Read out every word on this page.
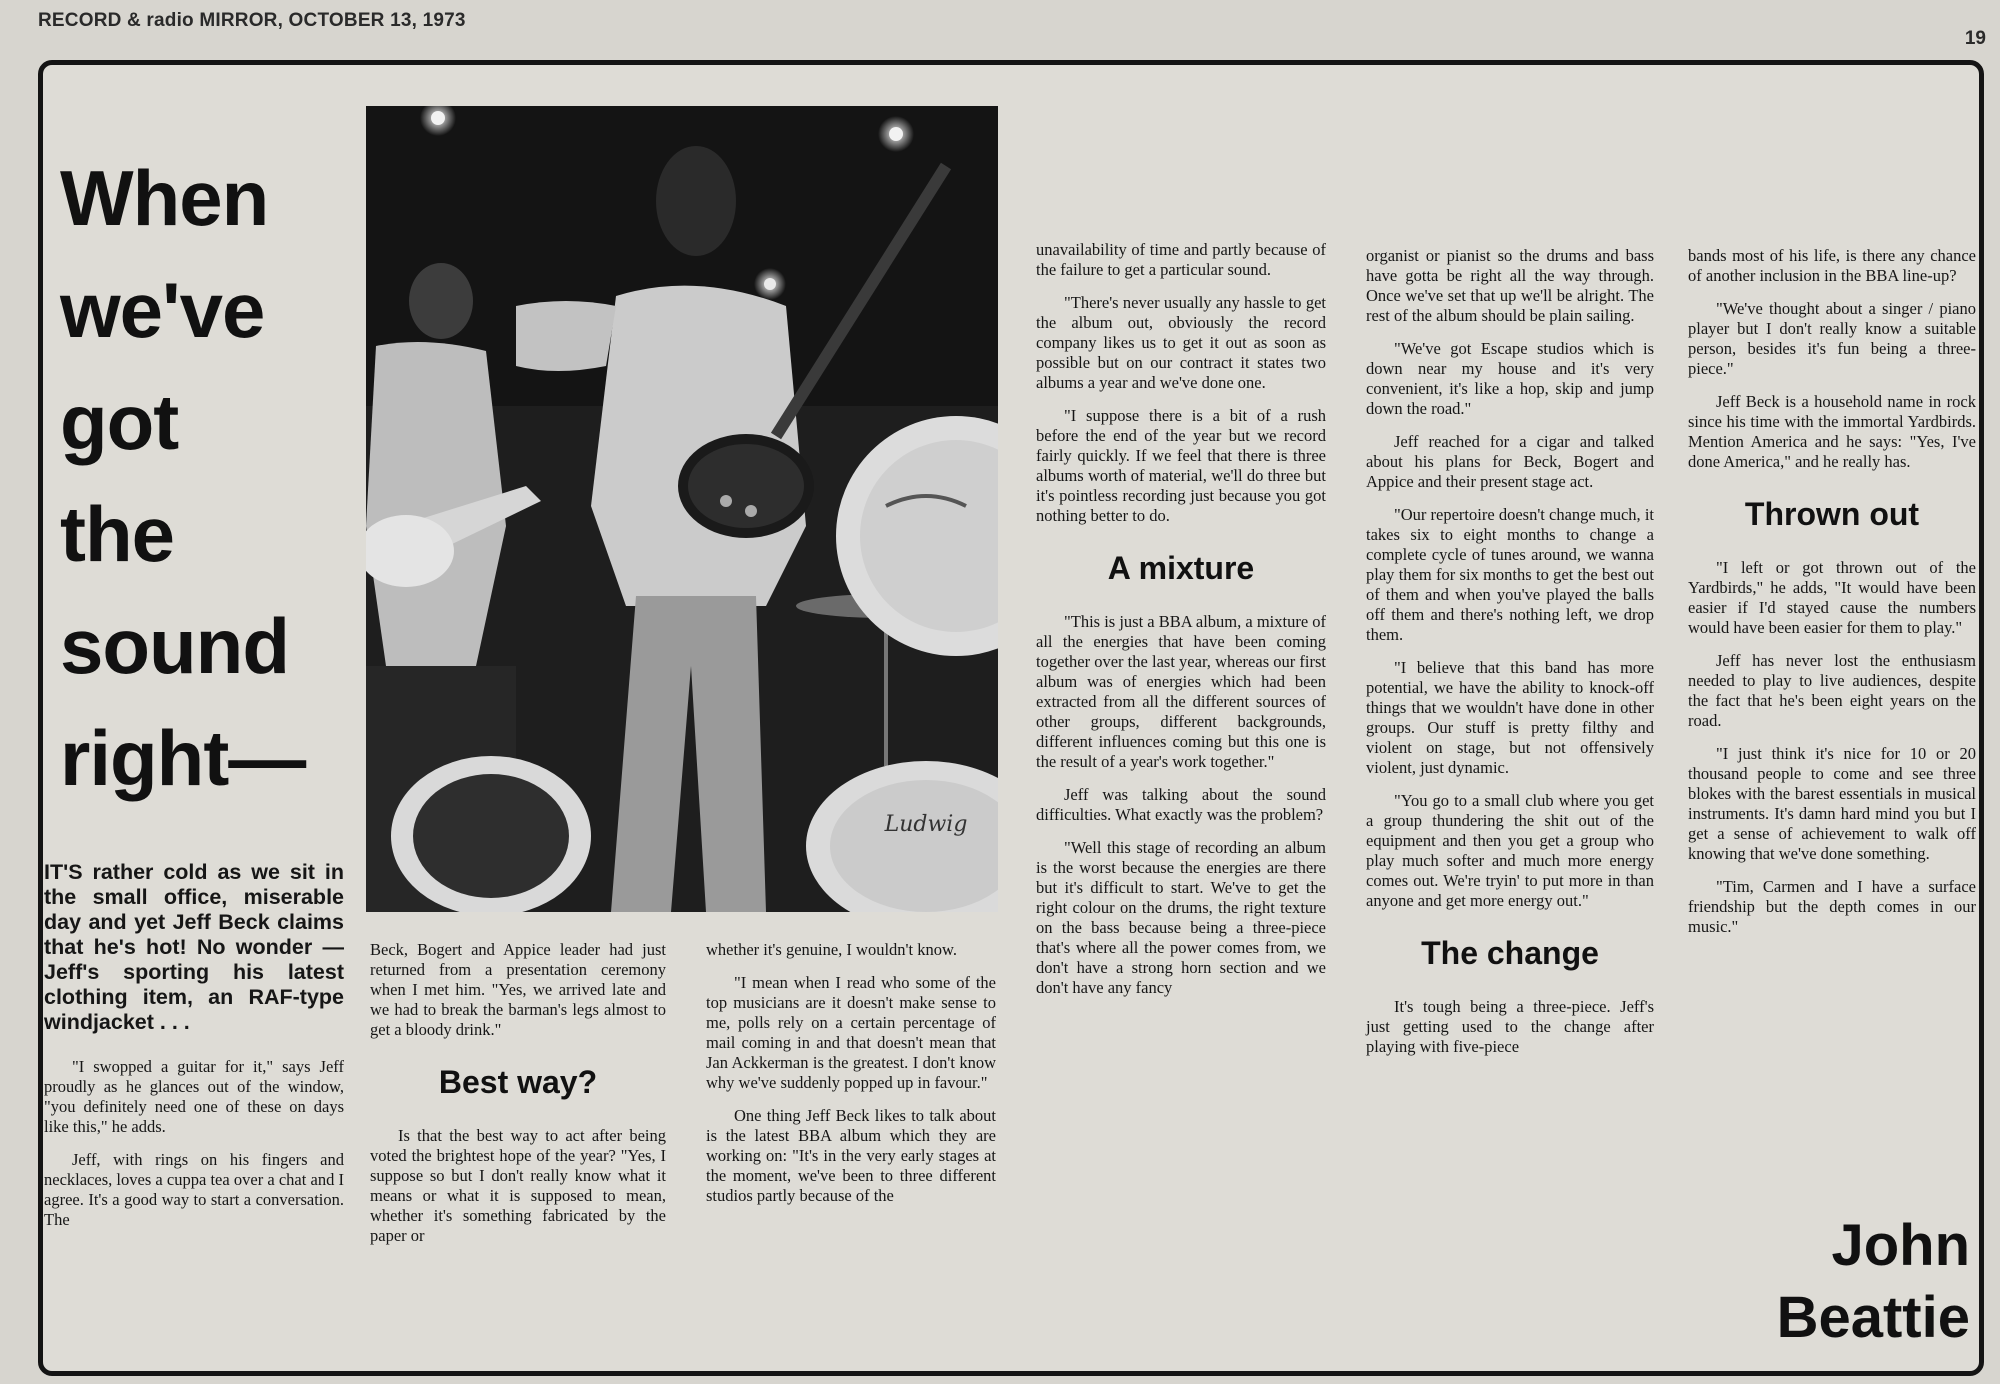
RECORD & radio MIRROR, OCTOBER 13, 1973
19
When
we've
got
the
sound
right—
Ludwig
IT'S rather cold as we sit in the small office, miserable day and yet Jeff Beck claims that he's hot! No wonder — Jeff's sporting his latest clothing item, an RAF-type windjacket . . .

"I swopped a guitar for it," says Jeff proudly as he glances out of the window, "you definitely need one of these on days like this," he adds.

Jeff, with rings on his fingers and necklaces, loves a cuppa tea over a chat and I agree. It's a good way to start a conversation. The

Beck, Bogert and Appice leader had just returned from a presentation ceremony when I met him. "Yes, we arrived late and we had to break the barman's legs almost to get a bloody drink."

Best way?

Is that the best way to act after being voted the brightest hope of the year? "Yes, I suppose so but I don't really know what it means or what it is supposed to mean, whether it's something fabricated by the paper or

whether it's genuine, I wouldn't know.

"I mean when I read who some of the top musicians are it doesn't make sense to me, polls rely on a certain percentage of mail coming in and that doesn't mean that Jan Ackkerman is the greatest. I don't know why we've suddenly popped up in favour."

One thing Jeff Beck likes to talk about is the latest BBA album which they are working on: "It's in the very early stages at the moment, we've been to three different studios partly because of the

unavailability of time and partly because of the failure to get a particular sound.

"There's never usually any hassle to get the album out, obviously the record company likes us to get it out as soon as possible but on our contract it states two albums a year and we've done one.

"I suppose there is a bit of a rush before the end of the year but we record fairly quickly. If we feel that there is three albums worth of material, we'll do three but it's pointless recording just because you got nothing better to do.

A mixture

"This is just a BBA album, a mixture of all the energies that have been coming together over the last year, whereas our first album was of energies which had been extracted from all the different sources of other groups, different backgrounds, different influences coming but this one is the result of a year's work together."

Jeff was talking about the sound difficulties. What exactly was the problem?

"Well this stage of recording an album is the worst because the energies are there but it's difficult to start. We've to get the right colour on the drums, the right texture on the bass because being a three-piece that's where all the power comes from, we don't have a strong horn section and we don't have any fancy

organist or pianist so the drums and bass have gotta be right all the way through. Once we've set that up we'll be alright. The rest of the album should be plain sailing.

"We've got Escape studios which is down near my house and it's very convenient, it's like a hop, skip and jump down the road."

Jeff reached for a cigar and talked about his plans for Beck, Bogert and Appice and their present stage act.

"Our repertoire doesn't change much, it takes six to eight months to change a complete cycle of tunes around, we wanna play them for six months to get the best out of them and when you've played the balls off them and there's nothing left, we drop them.

"I believe that this band has more potential, we have the ability to knock-off things that we wouldn't have done in other groups. Our stuff is pretty filthy and violent on stage, but not offensively violent, just dynamic.

"You go to a small club where you get a group thundering the shit out of the equipment and then you get a group who play much softer and much more energy comes out. We're tryin' to put more in than anyone and get more energy out."

The change

It's tough being a three-piece. Jeff's just getting used to the change after playing with five-piece

bands most of his life, is there any chance of another inclusion in the BBA line-up?

"We've thought about a singer / piano player but I don't really know a suitable person, besides it's fun being a three-piece."

Jeff Beck is a household name in rock since his time with the immortal Yardbirds. Mention America and he says: "Yes, I've done America," and he really has.

Thrown out

"I left or got thrown out of the Yardbirds," he adds, "It would have been easier if I'd stayed cause the numbers would have been easier for them to play."

Jeff has never lost the enthusiasm needed to play to live audiences, despite the fact that he's been eight years on the road.

"I just think it's nice for 10 or 20 thousand people to come and see three blokes with the barest essentials in musical instruments. It's damn hard mind you but I get a sense of achievement to walk off knowing that we've done something.

"Tim, Carmen and I have a surface friendship but the depth comes in our music."

John
Beattie
